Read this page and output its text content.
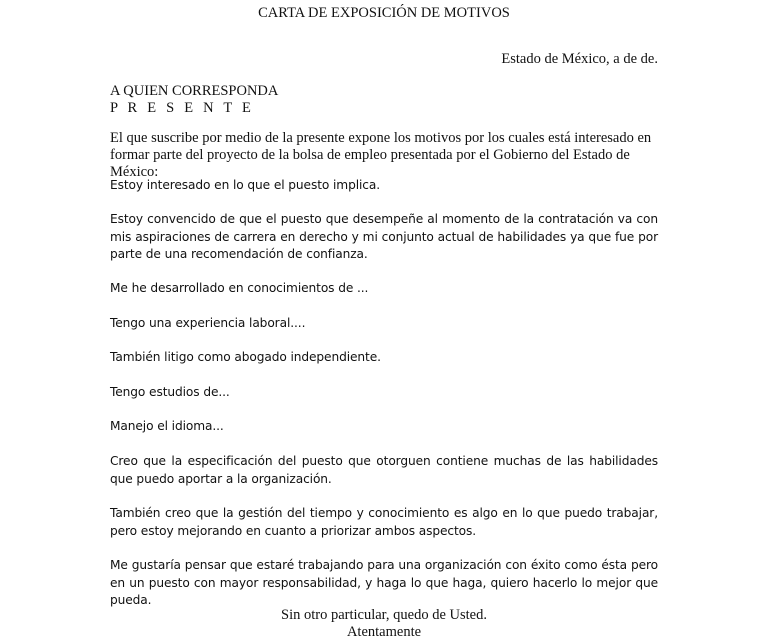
CARTA DE EXPOSICIÓN DE MOTIVOS
Estado de México, a de de.
A QUIEN CORRESPONDA
P R E S E N T E
El que suscribe por medio de la presente expone los motivos por los cuales está interesado en formar parte del proyecto de la bolsa de empleo presentada por el Gobierno del Estado de México:

Estoy interesado en lo que el puesto implica.

Estoy convencido de que el puesto que desempeñe al momento de la contratación va con mis aspiraciones de carrera en derecho y mi conjunto actual de habilidades ya que fue por parte de una recomendación de confianza.

Me he desarrollado en conocimientos de ...

Tengo una experiencia laboral....

También litigo como abogado independiente.

Tengo estudios de...

Manejo el idioma...

Creo que la especificación del puesto que otorguen contiene muchas de las habilidades que puedo aportar a la organización.

También creo que la gestión del tiempo y conocimiento es algo en lo que puedo trabajar, pero estoy mejorando en cuanto a priorizar ambos aspectos.

Me gustaría pensar que estaré trabajando para una organización con éxito como ésta pero en un puesto con mayor responsabilidad, y haga lo que haga, quiero hacerlo lo mejor que pueda.

Sin otro particular, quedo de Usted.
Atentamente
